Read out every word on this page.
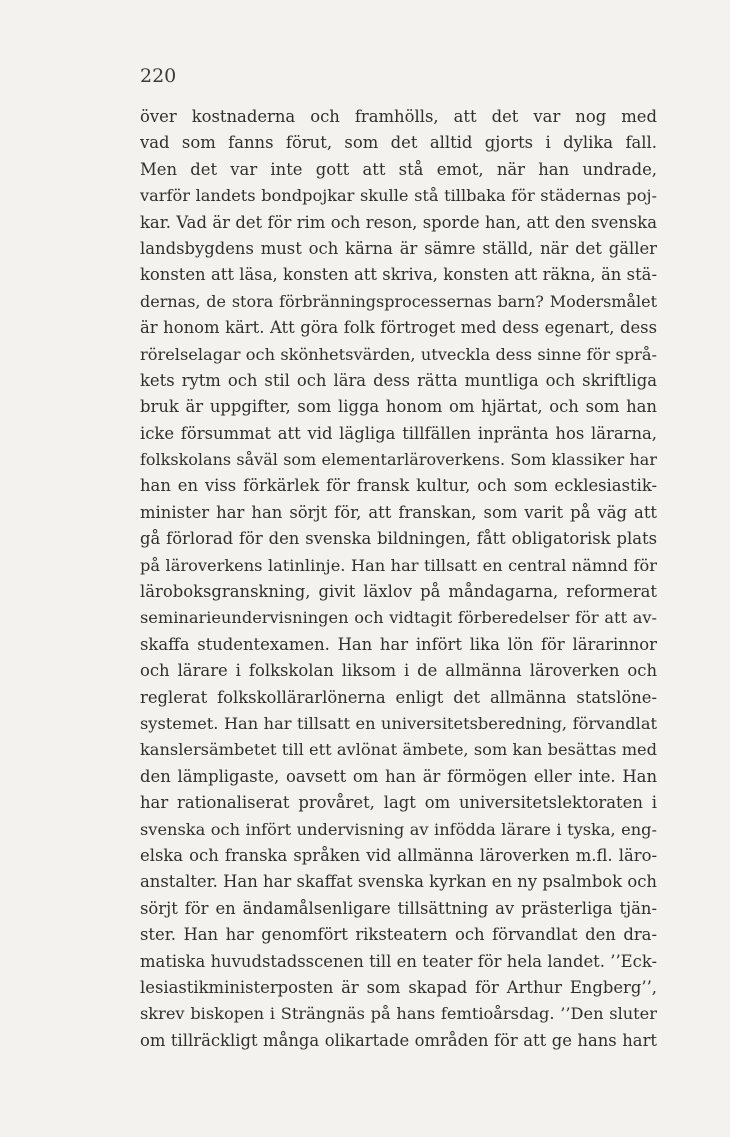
220
över kostnaderna och framhölls, att det var nog med
vad som fanns förut, som det alltid gjorts i dylika fall.
Men det var inte gott att stå emot, när han undrade,
varför landets bondpojkar skulle stå tillbaka för städernas poj-
kar. Vad är det för rim och reson, sporde han, att den svenska
landsbygdens must och kärna är sämre ställd, när det gäller
konsten att läsa, konsten att skriva, konsten att räkna, än stä-
dernas, de stora förbränningsprocessernas barn? Modersmålet
är honom kärt. Att göra folk förtroget med dess egenart, dess
rörelselagar och skönhetsvärden, utveckla dess sinne för språ-
kets rytm och stil och lära dess rätta muntliga och skriftliga
bruk är uppgifter, som ligga honom om hjärtat, och som han
icke försummat att vid lägliga tillfällen inpränta hos lärarna,
folkskolans såväl som elementarläroverkens. Som klassiker har
han en viss förkärlek för fransk kultur, och som ecklesiastik-
minister har han sörjt för, att franskan, som varit på väg att
gå förlorad för den svenska bildningen, fått obligatorisk plats
på läroverkens latinlinje. Han har tillsatt en central nämnd för
läroboksgranskning, givit läxlov på måndagarna, reformerat
seminarieundervisningen och vidtagit förberedelser för att av-
skaffa studentexamen. Han har infört lika lön för lärarinnor
och lärare i folkskolan liksom i de allmänna läroverken och
reglerat folkskollärarlönerna enligt det allmänna statslöne-
systemet. Han har tillsatt en universitetsberedning, förvandlat
kanslersämbetet till ett avlönat ämbete, som kan besättas med
den lämpligaste, oavsett om han är förmögen eller inte. Han
har rationaliserat provåret, lagt om universitetslektoraten i
svenska och infört undervisning av infödda lärare i tyska, eng-
elska och franska språken vid allmänna läroverken m.fl. läro-
anstalter. Han har skaffat svenska kyrkan en ny psalmbok och
sörjt för en ändamålsenligare tillsättning av prästerliga tjän-
ster. Han har genomfört riksteatern och förvandlat den dra-
matiska huvudstadsscenen till en teater för hela landet. ’’Eck-
lesiastikministerposten är som skapad för Arthur Engberg’’,
skrev biskopen i Strängnäs på hans femtioårsdag. ’’Den sluter
om tillräckligt många olikartade områden för att ge hans hart
